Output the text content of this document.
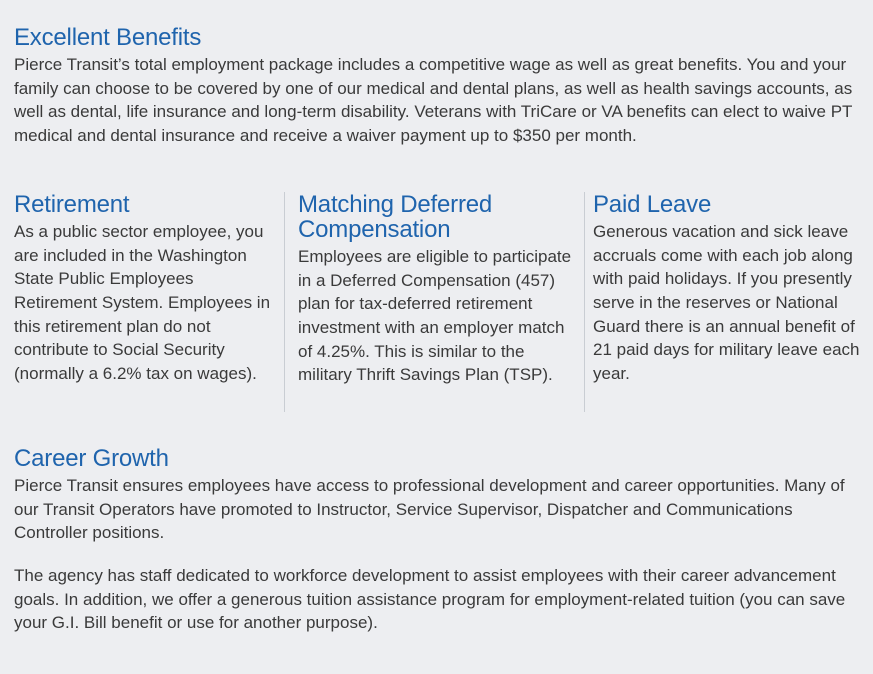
Excellent Benefits

Pierce Transit’s total employment package includes a competitive wage as well as great benefits. You and your family can choose to be covered by one of our medical and dental plans, as well as health savings accounts, as well as dental, life insurance and long-term disability. Veterans with TriCare or VA benefits can elect to waive PT medical and dental insurance and receive a waiver payment up to $350 per month.

Retirement

As a public sector employee, you are included in the Washington State Public Employees Retirement System. Employees in this retirement plan do not contribute to Social Security (normally a 6.2% tax on wages).

Matching Deferred Compensation

Employees are eligible to participate in a Deferred Compensation (457) plan for tax-deferred retirement investment with an employer match of 4.25%. This is similar to the military Thrift Savings Plan (TSP).

Paid Leave

Generous vacation and sick leave accruals come with each job along with paid holidays. If you presently serve in the reserves or National Guard there is an annual benefit of 21 paid days for military leave each year.

Career Growth

Pierce Transit ensures employees have access to professional development and career opportunities. Many of our Transit Operators have promoted to Instructor, Service Supervisor, Dispatcher and Communications Controller positions.

The agency has staff dedicated to workforce development to assist employees with their career advancement goals. In addition, we offer a generous tuition assistance program for employment-related tuition (you can save your G.I. Bill benefit or use for another purpose).
